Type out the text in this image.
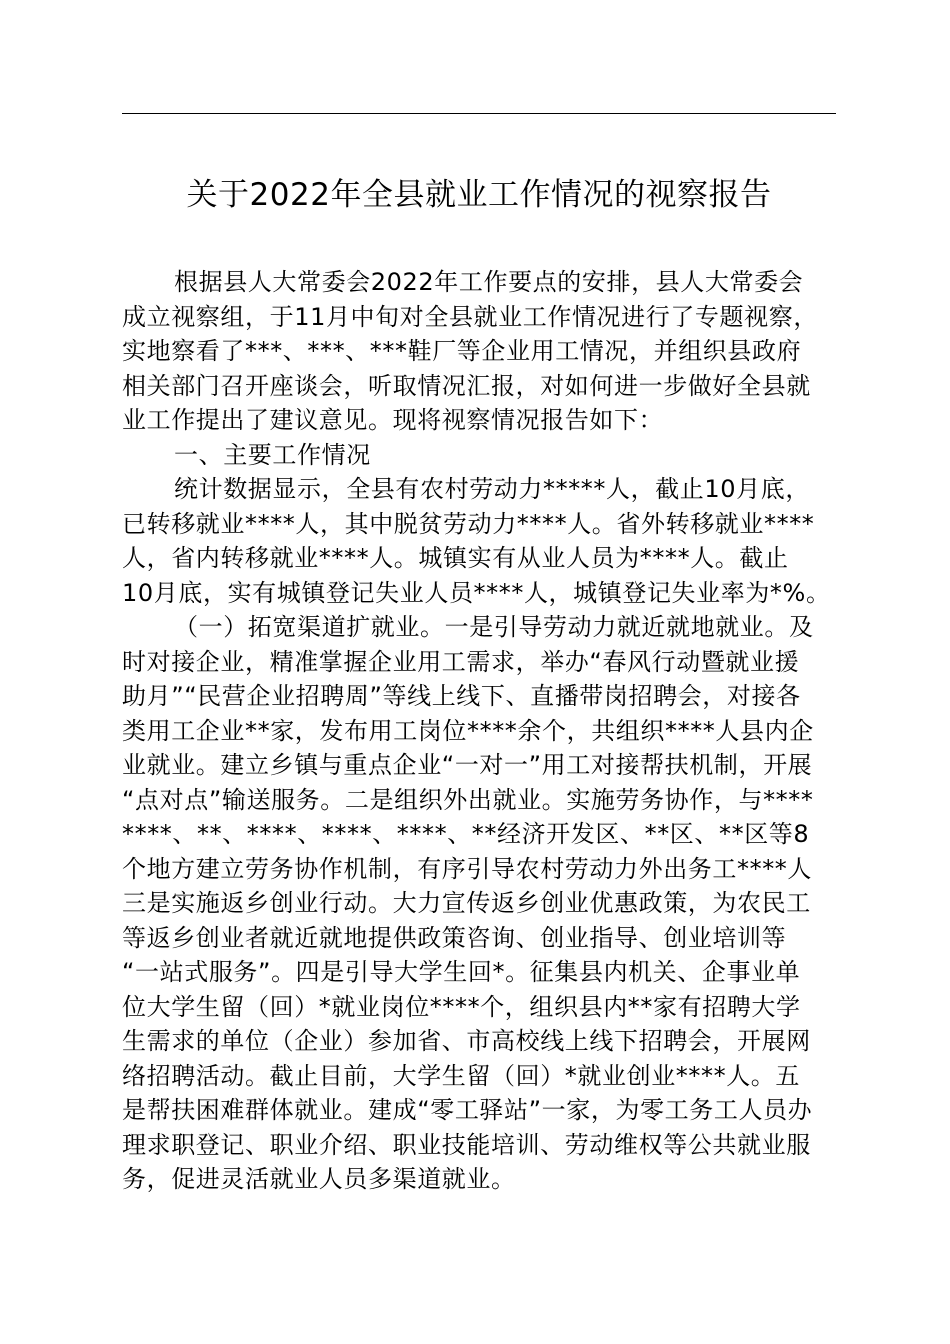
关于2022年全县就业工作情况的视察报告
根据县人大常委会2022年工作要点的安排，县人大常委会
成立视察组，于11月中旬对全县就业工作情况进行了专题视察，
实地察看了***、***、***鞋厂等企业用工情况，并组织县政府
相关部门召开座谈会，听取情况汇报，对如何进一步做好全县就
业工作提出了建议意见。现将视察情况报告如下：
一、主要工作情况
统计数据显示，全县有农村劳动力*****人，截止10月底，
已转移就业****人，其中脱贫劳动力****人。省外转移就业****
人，省内转移就业****人。城镇实有从业人员为****人。截止
10月底，实有城镇登记失业人员****人，城镇登记失业率为*%。
（一）拓宽渠道扩就业。一是引导劳动力就近就地就业。及
时对接企业，精准掌握企业用工需求，举办“春风行动暨就业援
助月”“民营企业招聘周”等线上线下、直播带岗招聘会，对接各
类用工企业**家，发布用工岗位****余个，共组织****人县内企
业就业。建立乡镇与重点企业“一对一”用工对接帮扶机制，开展
“点对点”输送服务。二是组织外出就业。实施劳务协作，与****
****、**、****、****、****、**经济开发区、**区、**区等8
个地方建立劳务协作机制，有序引导农村劳动力外出务工****人
三是实施返乡创业行动。大力宣传返乡创业优惠政策，为农民工
等返乡创业者就近就地提供政策咨询、创业指导、创业培训等
“一站式服务”。四是引导大学生回*。征集县内机关、企事业单
位大学生留（回）*就业岗位****个，组织县内**家有招聘大学
生需求的单位（企业）参加省、市高校线上线下招聘会，开展网
络招聘活动。截止目前，大学生留（回）*就业创业****人。五
是帮扶困难群体就业。建成“零工驿站”一家，为零工务工人员办
理求职登记、职业介绍、职业技能培训、劳动维权等公共就业服
务，促进灵活就业人员多渠道就业。
